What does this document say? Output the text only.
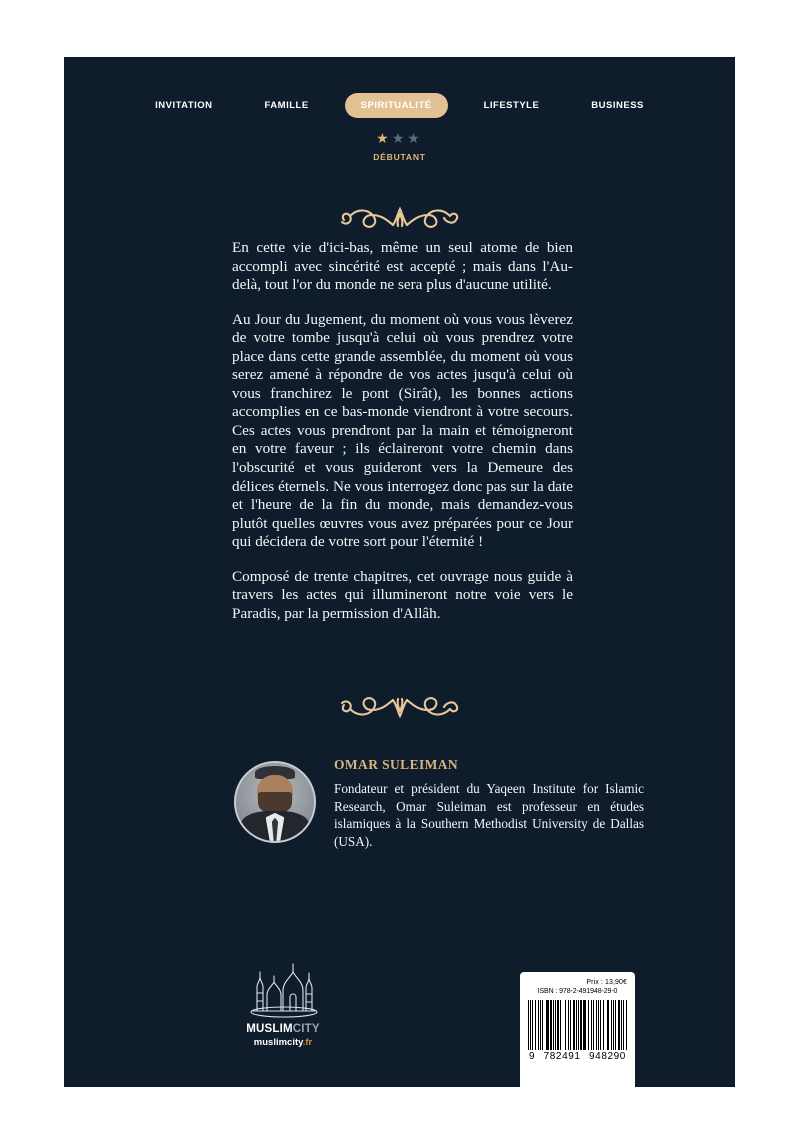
INVITATION	FAMILLE	SPIRITUALITÉ	LIFESTYLE	BUSINESS
★★★
DÉBUTANT

En cette vie d'ici-bas, même un seul atome de bien accompli avec sincérité est accepté ; mais dans l'Au-delà, tout l'or du monde ne sera plus d'aucune utilité.

Au Jour du Jugement, du moment où vous vous lèverez de votre tombe jusqu'à celui où vous prendrez votre place dans cette grande assemblée, du moment où vous serez amené à répondre de vos actes jusqu'à celui où vous franchirez le pont (Sirât), les bonnes actions accomplies en ce bas-monde viendront à votre secours. Ces actes vous prendront par la main et témoigneront en votre faveur ; ils éclaireront votre chemin dans l'obscurité et vous guideront vers la Demeure des délices éternels. Ne vous interrogez donc pas sur la date et l'heure de la fin du monde, mais demandez-vous plutôt quelles œuvres vous avez préparées pour ce Jour qui décidera de votre sort pour l'éternité !

Composé de trente chapitres, cet ouvrage nous guide à travers les actes qui illumineront notre voie vers le Paradis, par la permission d'Allâh.

OMAR SULEIMAN
Fondateur et président du Yaqeen Institute for Islamic Research, Omar Suleiman est professeur en études islamiques à la Southern Methodist University de Dallas (USA).
MUSLIMCITY
muslimcity.fr
Prix : 13,90€
ISBN : 978-2-491948-29-0
9 782491 948290
